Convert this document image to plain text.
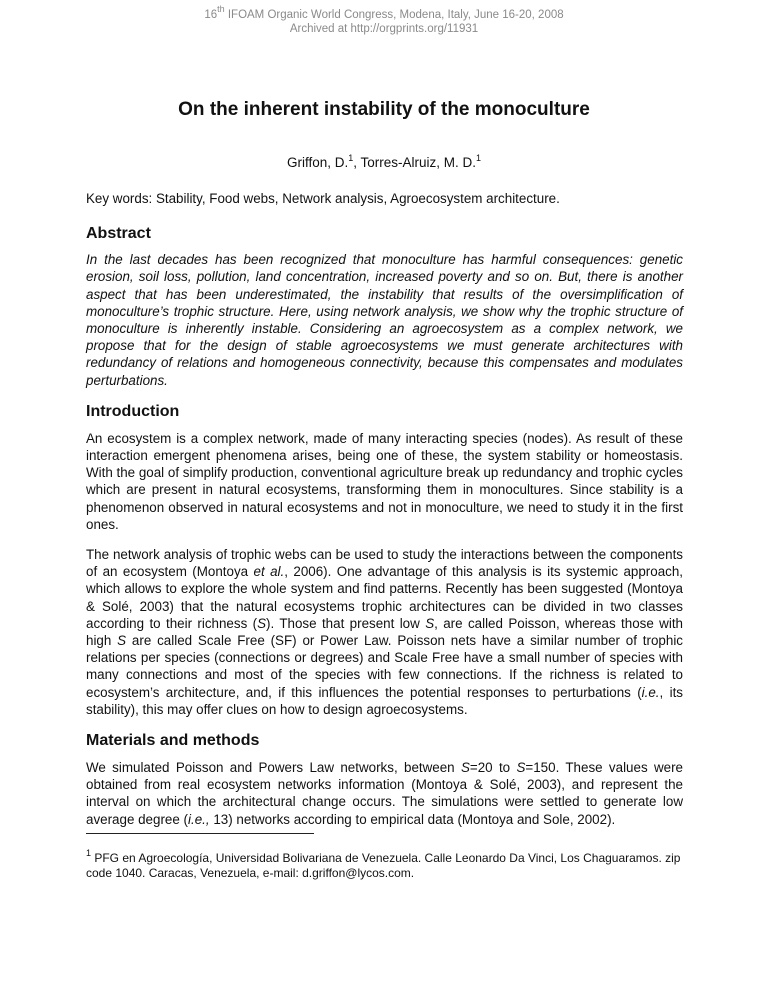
16th IFOAM Organic World Congress, Modena, Italy, June 16-20, 2008
Archived at http://orgprints.org/11931
On the inherent instability of the monoculture
Griffon, D.$^1$, Torres-Alruiz, M. D.$^1$

Key words: Stability, Food webs, Network analysis, Agroecosystem architecture.

Abstract

In the last decades has been recognized that monoculture has harmful consequences: genetic erosion, soil loss, pollution, land concentration, increased poverty and so on. But, there is another aspect that has been underestimated, the instability that results of the oversimplification of monoculture’s trophic structure. Here, using network analysis, we show why the trophic structure of monoculture is inherently instable. Considering an agroecosystem as a complex network, we propose that for the design of stable agroecosystems we must generate architectures with redundancy of relations and homogeneous connectivity, because this compensates and modulates perturbations.

Introduction

An ecosystem is a complex network, made of many interacting species (nodes). As result of these interaction emergent phenomena arises, being one of these, the system stability or homeostasis. With the goal of simplify production, conventional agriculture break up redundancy and trophic cycles which are present in natural ecosystems, transforming them in monocultures. Since stability is a phenomenon observed in natural ecosystems and not in monoculture, we need to study it in the first ones.

The network analysis of trophic webs can be used to study the interactions between the components of an ecosystem (Montoya et al., 2006). One advantage of this analysis is its systemic approach, which allows to explore the whole system and find patterns. Recently has been suggested (Montoya & Solé, 2003) that the natural ecosystems trophic architectures can be divided in two classes according to their richness (S). Those that present low S, are called Poisson, whereas those with high S are called Scale Free (SF) or Power Law. Poisson nets have a similar number of trophic relations per species (connections or degrees) and Scale Free have a small number of species with many connections and most of the species with few connections. If the richness is related to ecosystem’s architecture, and, if this influences the potential responses to perturbations (i.e., its stability), this may offer clues on how to design agroecosystems.

Materials and methods

We simulated Poisson and Powers Law networks, between S=20 to S=150. These values were obtained from real ecosystem networks information (Montoya & Solé, 2003), and represent the interval on which the architectural change occurs. The simulations were settled to generate low average degree (i.e., 13) networks according to empirical data (Montoya and Sole, 2002).

$^1$ PFG en Agroecología, Universidad Bolivariana de Venezuela. Calle Leonardo Da Vinci, Los Chaguaramos. zip code 1040. Caracas, Venezuela, e-mail: d.griffon@lycos.com.
